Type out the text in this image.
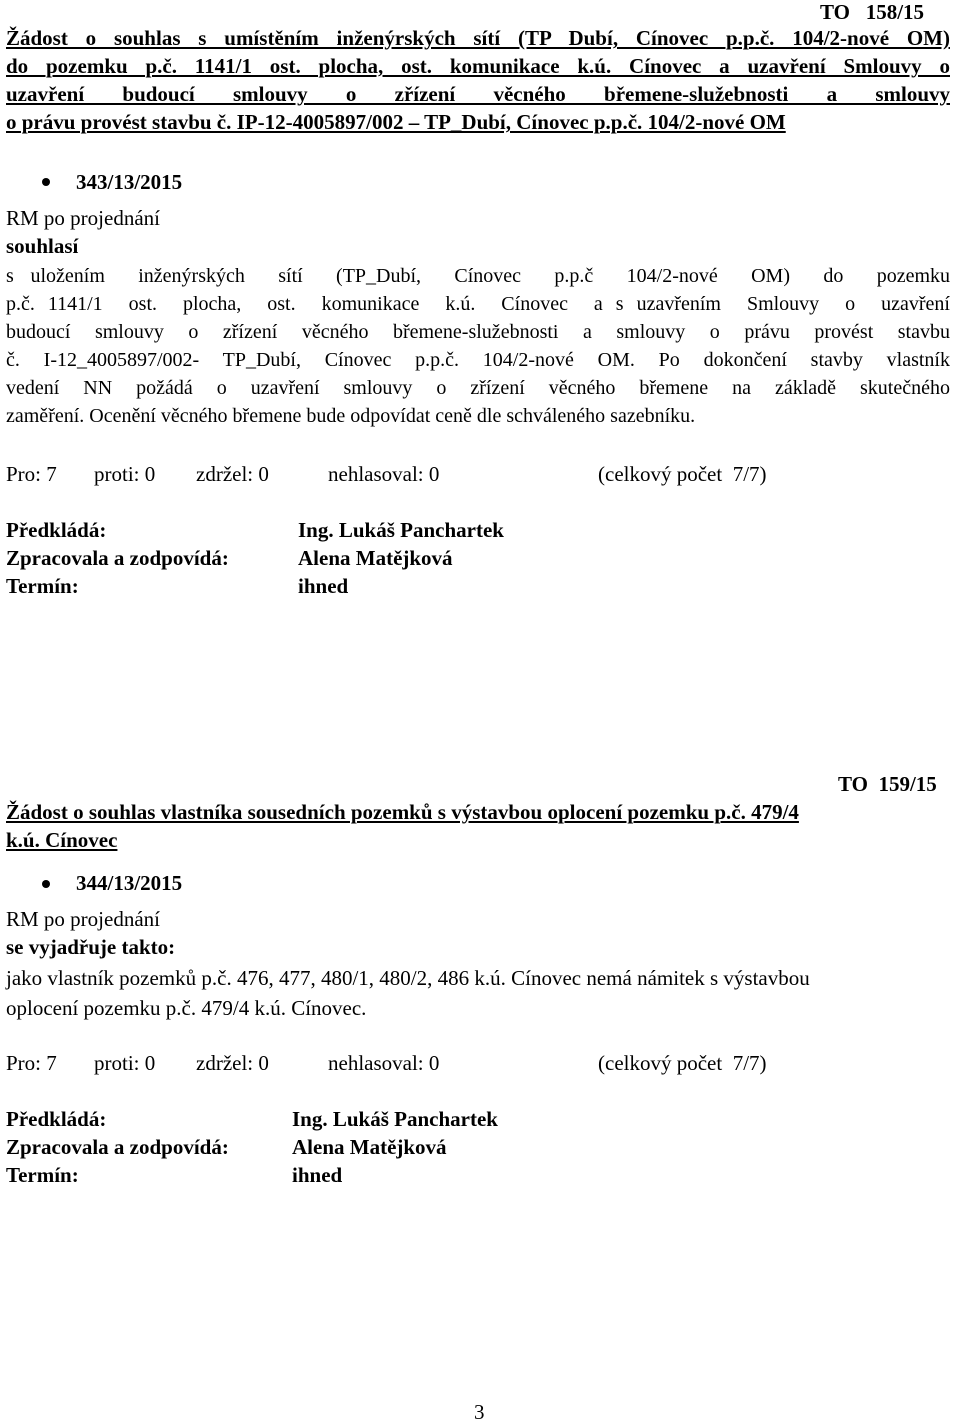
TO   158/15
Žádost o souhlas s umístěním inženýrských sítí (TP Dubí, Cínovec p.p.č. 104/2-nové OM)
do pozemku p.č. 1141/1 ost. plocha, ost. komunikace k.ú. Cínovec a uzavření Smlouvy o
uzavření   budoucí   smlouvy   o   zřízení   věcného   břemene-služebnosti   a   smlouvy
o právu provést stavbu č. IP-12-4005897/002 – TP_Dubí, Cínovec p.p.č. 104/2-nové OM
343/13/2015
RM po projednání
souhlasí
s uložením  inženýrských  sítí  (TP_Dubí,  Cínovec  p.p.č  104/2-nové  OM)  do  pozemku
p.č. 1141/1  ost.  plocha,  ost.  komunikace  k.ú.  Cínovec  a s uzavřením  Smlouvy  o  uzavření
budoucí  smlouvy  o  zřízení  věcného  břemene-služebnosti  a  smlouvy  o  právu  provést  stavbu
č.  I-12_4005897/002-  TP_Dubí,  Cínovec  p.p.č.  104/2-nové  OM.  Po  dokončení  stavby  vlastník
vedení  NN  požádá  o  uzavření  smlouvy  o  zřízení  věcného  břemene  na  základě  skutečného
zaměření. Ocenění věcného břemene bude odpovídat ceně dle schváleného sazebníku.
Pro: 7 proti: 0 zdržel: 0	nehlasoval: 0	(celkový počet  7/7)
Předkládá:	Ing. Lukáš Panchartek
Zpracovala a zodpovídá:	Alena Matějková
Termín:	ihned
TO  159/15
Žádost o souhlas vlastníka sousedních pozemků s výstavbou oplocení pozemku p.č. 479/4
k.ú. Cínovec
344/13/2015
RM po projednání
se vyjadřuje takto:
jako vlastník pozemků p.č. 476, 477, 480/1, 480/2, 486 k.ú. Cínovec nemá námitek s výstavbou
oplocení pozemku p.č. 479/4 k.ú. Cínovec.
Pro: 7 proti: 0 zdržel: 0	nehlasoval: 0	(celkový počet  7/7)
Předkládá:	Ing. Lukáš Panchartek
Zpracovala a zodpovídá:	Alena Matějková
Termín:	ihned
3
